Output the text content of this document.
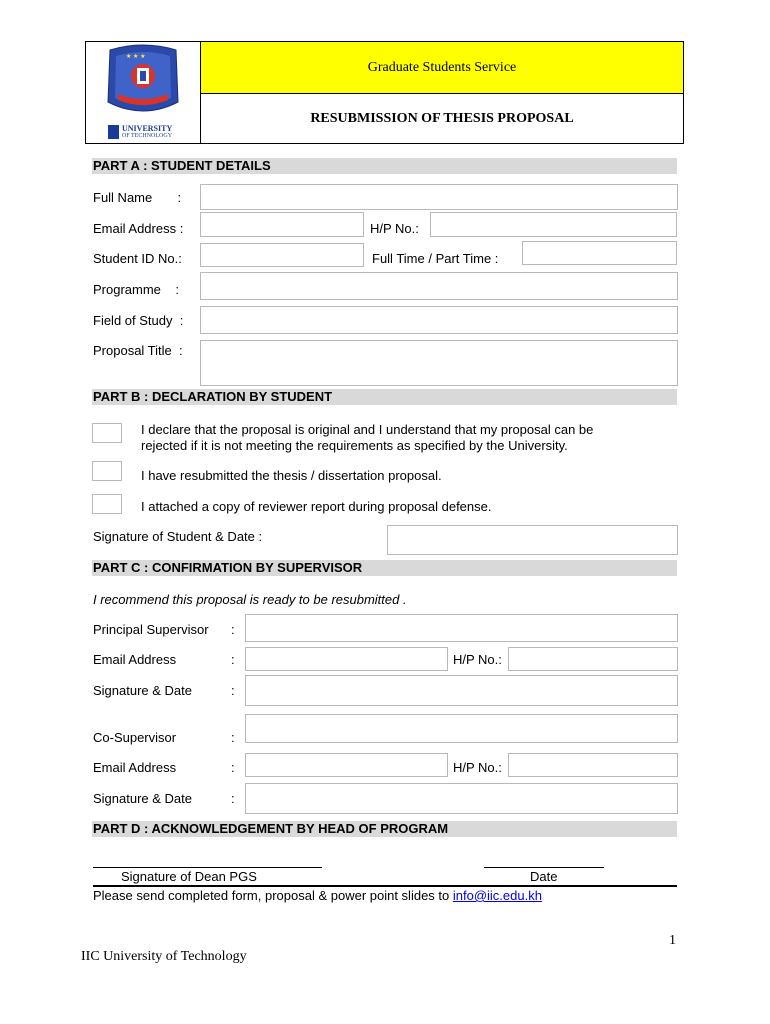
★ ★ ★
UNIVERSITY
OF TECHNOLOGY
Graduate Students Service
RESUBMISSION OF THESIS PROPOSAL
PART A : STUDENT DETAILS
Full Name       :
Email Address :	H/P No.:
Student ID No.:	Full Time / Part Time :
Programme    :
Field of Study  :
Proposal Title  :
PART B : DECLARATION BY STUDENT
I declare that the proposal is original and I understand that my proposal can be
rejected if it is not meeting the requirements as specified by the University.
I have resubmitted the thesis / dissertation proposal.
I attached a copy of reviewer report during proposal defense.
Signature of Student & Date :
PART C : CONFIRMATION BY SUPERVISOR
I recommend this proposal is ready to be resubmitted .
Principal Supervisor :
Email Address	:	H/P No.:
Signature & Date	:
Co-Supervisor	:
Email Address	:	H/P No.:
Signature & Date	:
PART D : ACKNOWLEDGEMENT BY HEAD OF PROGRAM
Signature of Dean PGS	Date
Please send completed form, proposal & power point slides to info@iic.edu.kh
1
IIC University of Technology
